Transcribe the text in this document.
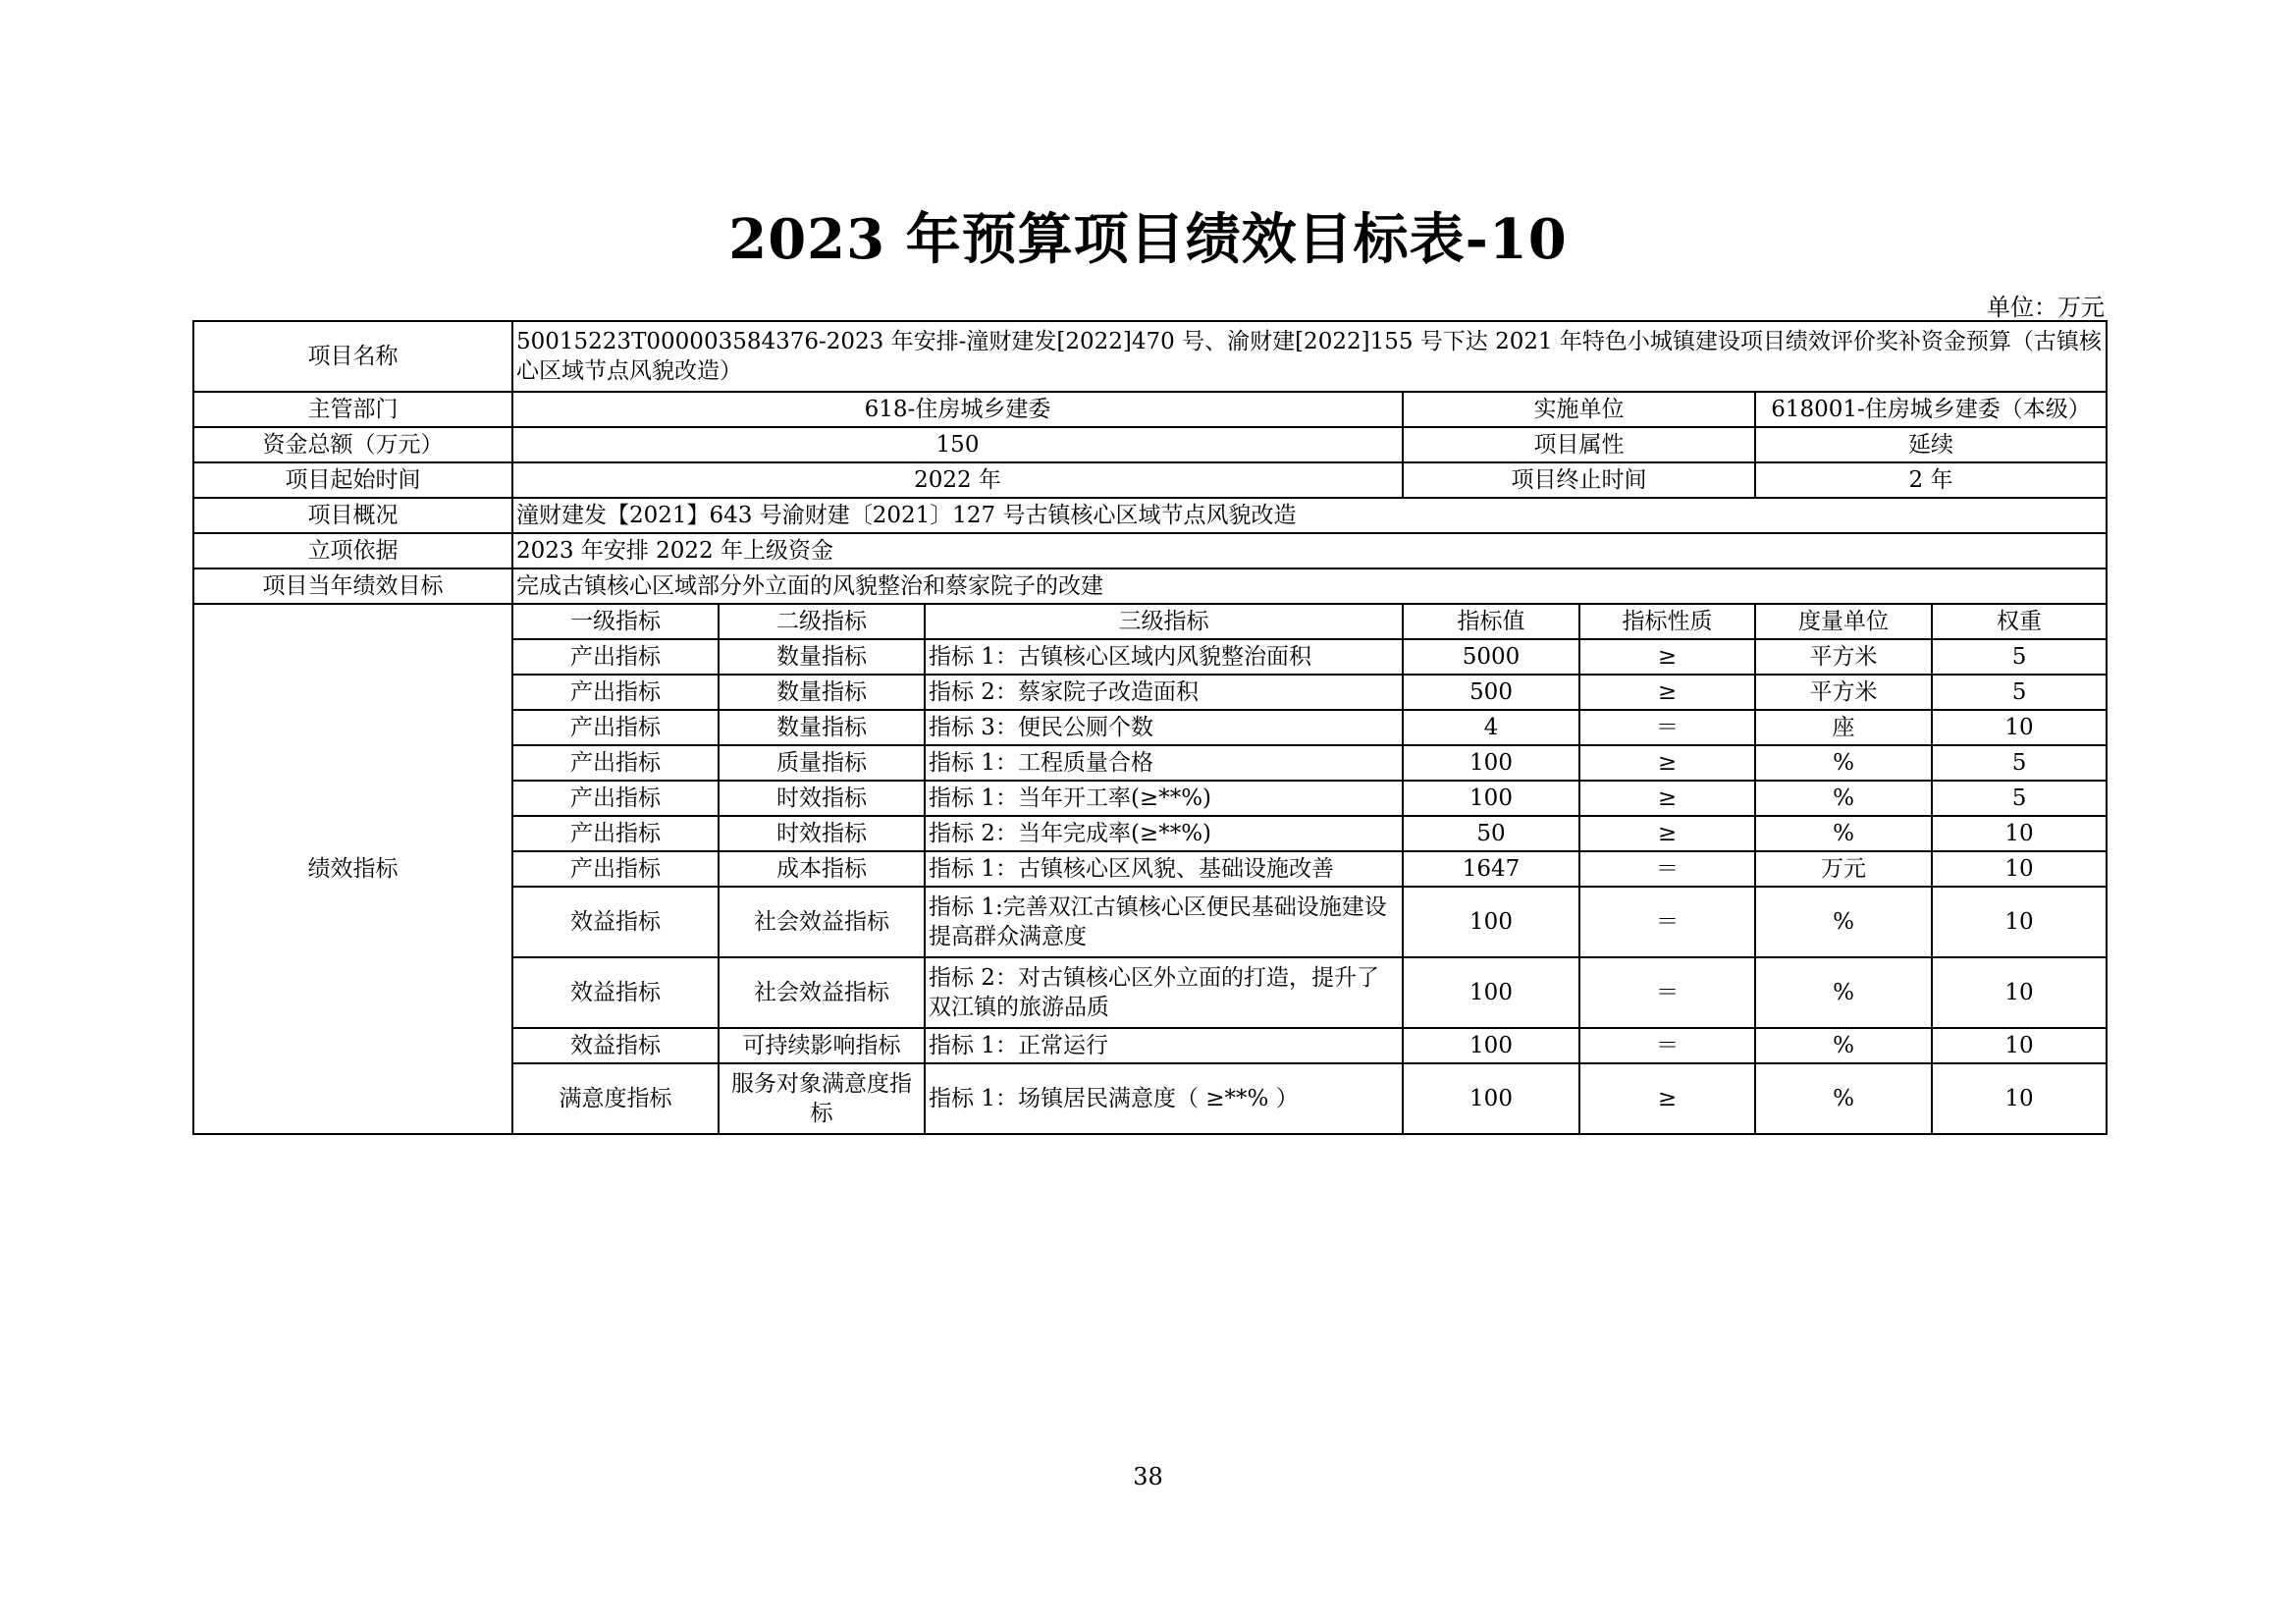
2023 年预算项目绩效目标表-10
单位：万元
项目名称	50015223T000003584376-2023 年安排-潼财建发[2022]470 号、渝财建[2022]155 号下达 2021 年特色小城镇建设项目绩效评价奖补资金预算（古镇核心区域节点风貌改造）						
主管部门	618-住房城乡建委			实施单位		618001-住房城乡建委（本级）	
资金总额（万元）	150			项目属性		延续	
项目起始时间	2022 年			项目终止时间		2 年	
项目概况	潼财建发【2021】643 号渝财建〔2021〕127 号古镇核心区域节点风貌改造						
立项依据	2023 年安排 2022 年上级资金						
项目当年绩效目标	完成古镇核心区域部分外立面的风貌整治和蔡家院子的改建						
绩效指标	一级指标	二级指标	三级指标	指标值	指标性质	度量单位	权重
	产出指标	数量指标	指标 1：古镇核心区域内风貌整治面积	5000	≥	平方米	5
	产出指标	数量指标	指标 2：蔡家院子改造面积	500	≥	平方米	5
	产出指标	数量指标	指标 3：便民公厕个数	4	＝	座	10
	产出指标	质量指标	指标 1：工程质量合格	100	≥	%	5
	产出指标	时效指标	指标 1：当年开工率(≥**%)	100	≥	%	5
	产出指标	时效指标	指标 2：当年完成率(≥**%)	50	≥	%	10
	产出指标	成本指标	指标 1：古镇核心区风貌、基础设施改善	1647	＝	万元	10
	效益指标	社会效益指标	指标 1:完善双江古镇核心区便民基础设施建设提高群众满意度	100	＝	%	10
	效益指标	社会效益指标	指标 2：对古镇核心区外立面的打造，提升了双江镇的旅游品质	100	＝	%	10
	效益指标	可持续影响指标	指标 1：正常运行	100	＝	%	10
	满意度指标	服务对象满意度指标	指标 1：场镇居民满意度（ ≥**% ）	100	≥	%	10
38
